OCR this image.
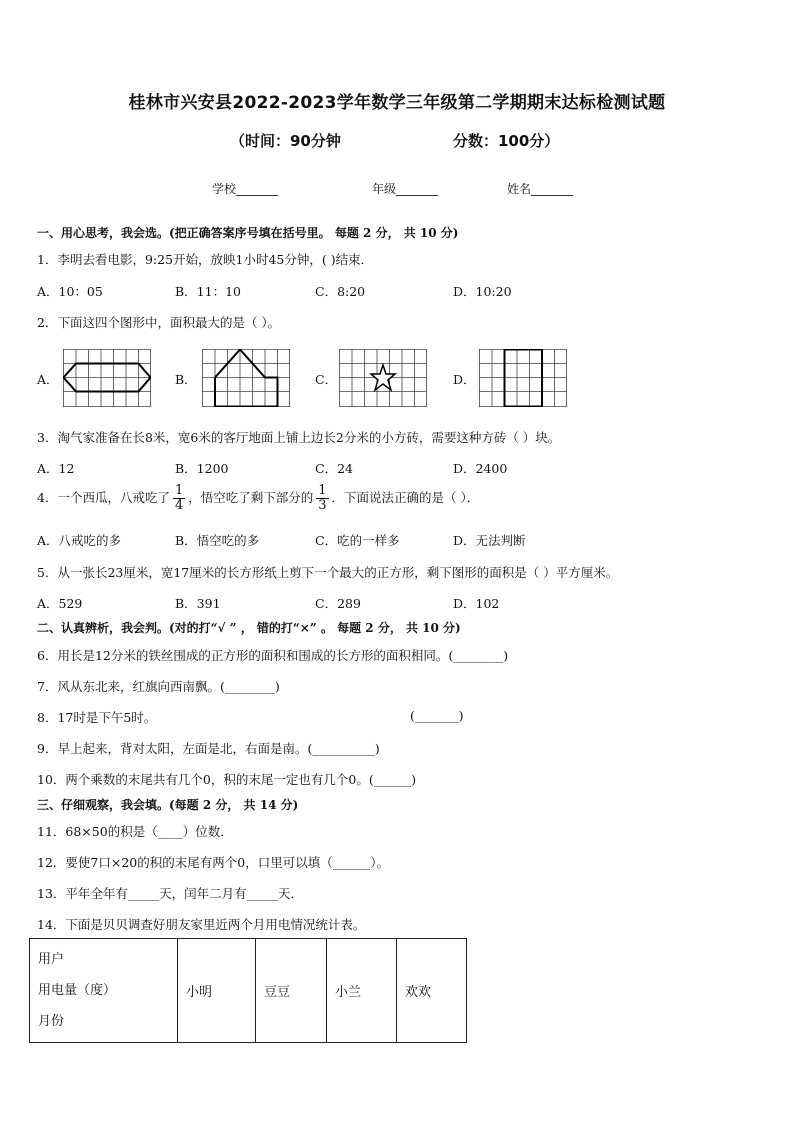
桂林市兴安县2022-2023学年数学三年级第二学期期末达标检测试题
（时间：90分钟	分数：100分）
学校_______	年级_______	姓名_______
一、用心思考，我会选。(把正确答案序号填在括号里。 每题 2 分， 共 10 分)
1．李明去看电影，9:25开始，放映1小时45分钟，( )结束．
A．10：05	B．11：10	C．8:20	D．10:20
2．下面这四个图形中，面积最大的是（ ）。
A．	B．	C．	D．
3．淘气家准备在长8米，宽6米的客厅地面上铺上边长2分米的小方砖，需要这种方砖（ ）块。
A．12	B．1200	C．24	D．2400
4．一个西瓜，八戒吃了 $\frac{1}{4}$ ，悟空吃了剩下部分的 $\frac{1}{3}$ ．下面说法正确的是（ ）．
A．八戒吃的多	B．悟空吃的多	C．吃的一样多	D．无法判断
5．从一张长23厘米，宽17厘米的长方形纸上剪下一个最大的正方形，剩下图形的面积是（ ）平方厘米。
A．529	B．391	C．289	D．102
二、认真辨析，我会判。(对的打“√ ” ， 错的打“×” 。 每题 2 分， 共 10 分)
6．用长是12分米的铁丝围成的正方形的面积和围成的长方形的面积相同。(________)
7．风从东北来，红旗向西南飘。(________)
8．17时是下午5时。	(_______)
9．早上起来，背对太阳，左面是北，右面是南。(__________)
10．两个乘数的末尾共有几个0，积的末尾一定也有几个0。(______)
三、仔细观察，我会填。(每题 2 分， 共 14 分)
11．68×50的积是（____）位数．
12．要使7口×20的积的末尾有两个0，口里可以填（______）。
13．平年全年有_____天，闰年二月有_____天．
14．下面是贝贝调查好朋友家里近两个月用电情况统计表。
用户
用电量（度）
月份
	小明	豆豆	小兰	欢欢
